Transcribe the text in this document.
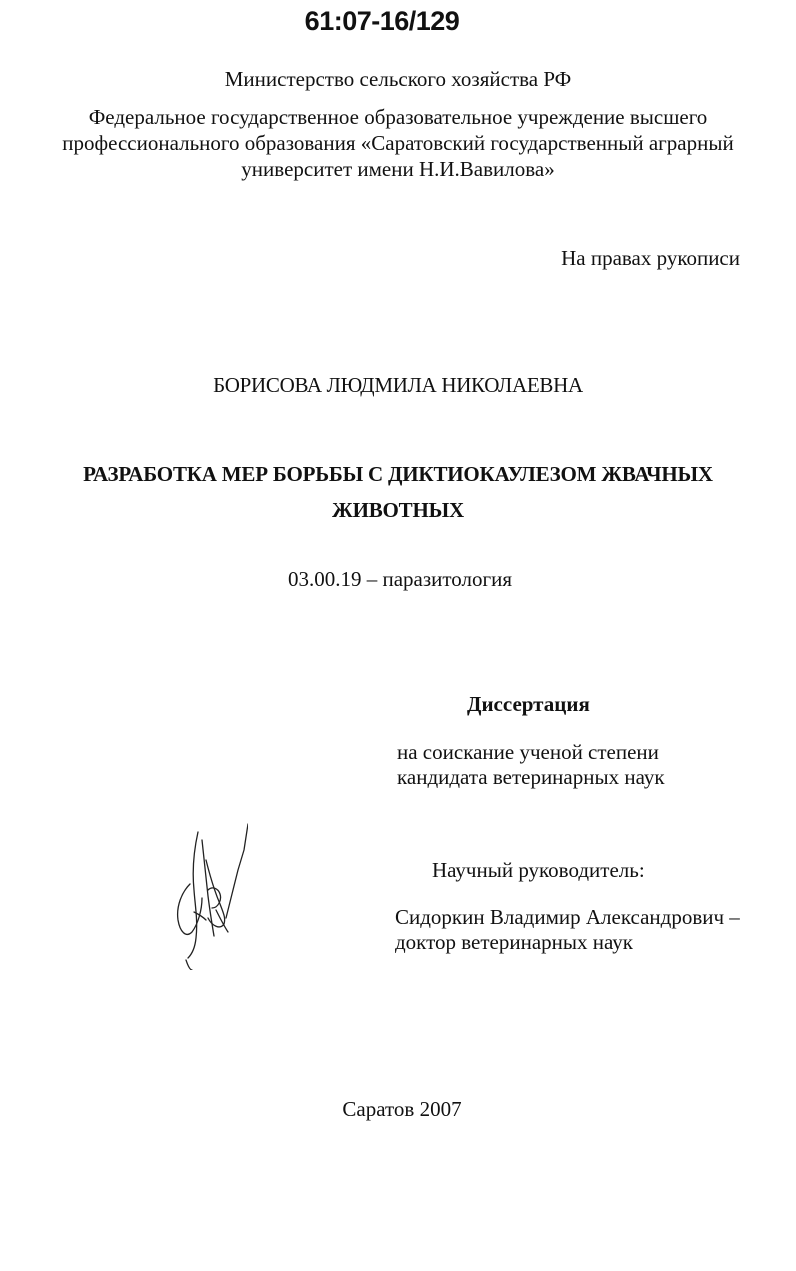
61:07-16/129
Министерство сельского хозяйства РФ
Федеральное государственное образовательное учреждение высшего
профессионального образования «Саратовский государственный аграрный
университет имени Н.И.Вавилова»
На правах рукописи
БОРИСОВА ЛЮДМИЛА НИКОЛАЕВНА
РАЗРАБОТКА МЕР БОРЬБЫ С ДИКТИОКАУЛЕЗОМ ЖВАЧНЫХ
ЖИВОТНЫХ
03.00.19 – паразитология
Диссертация
на соискание ученой степени
кандидата ветеринарных наук
Научный руководитель:
Сидоркин Владимир Александрович –
доктор ветеринарных наук
Саратов 2007
